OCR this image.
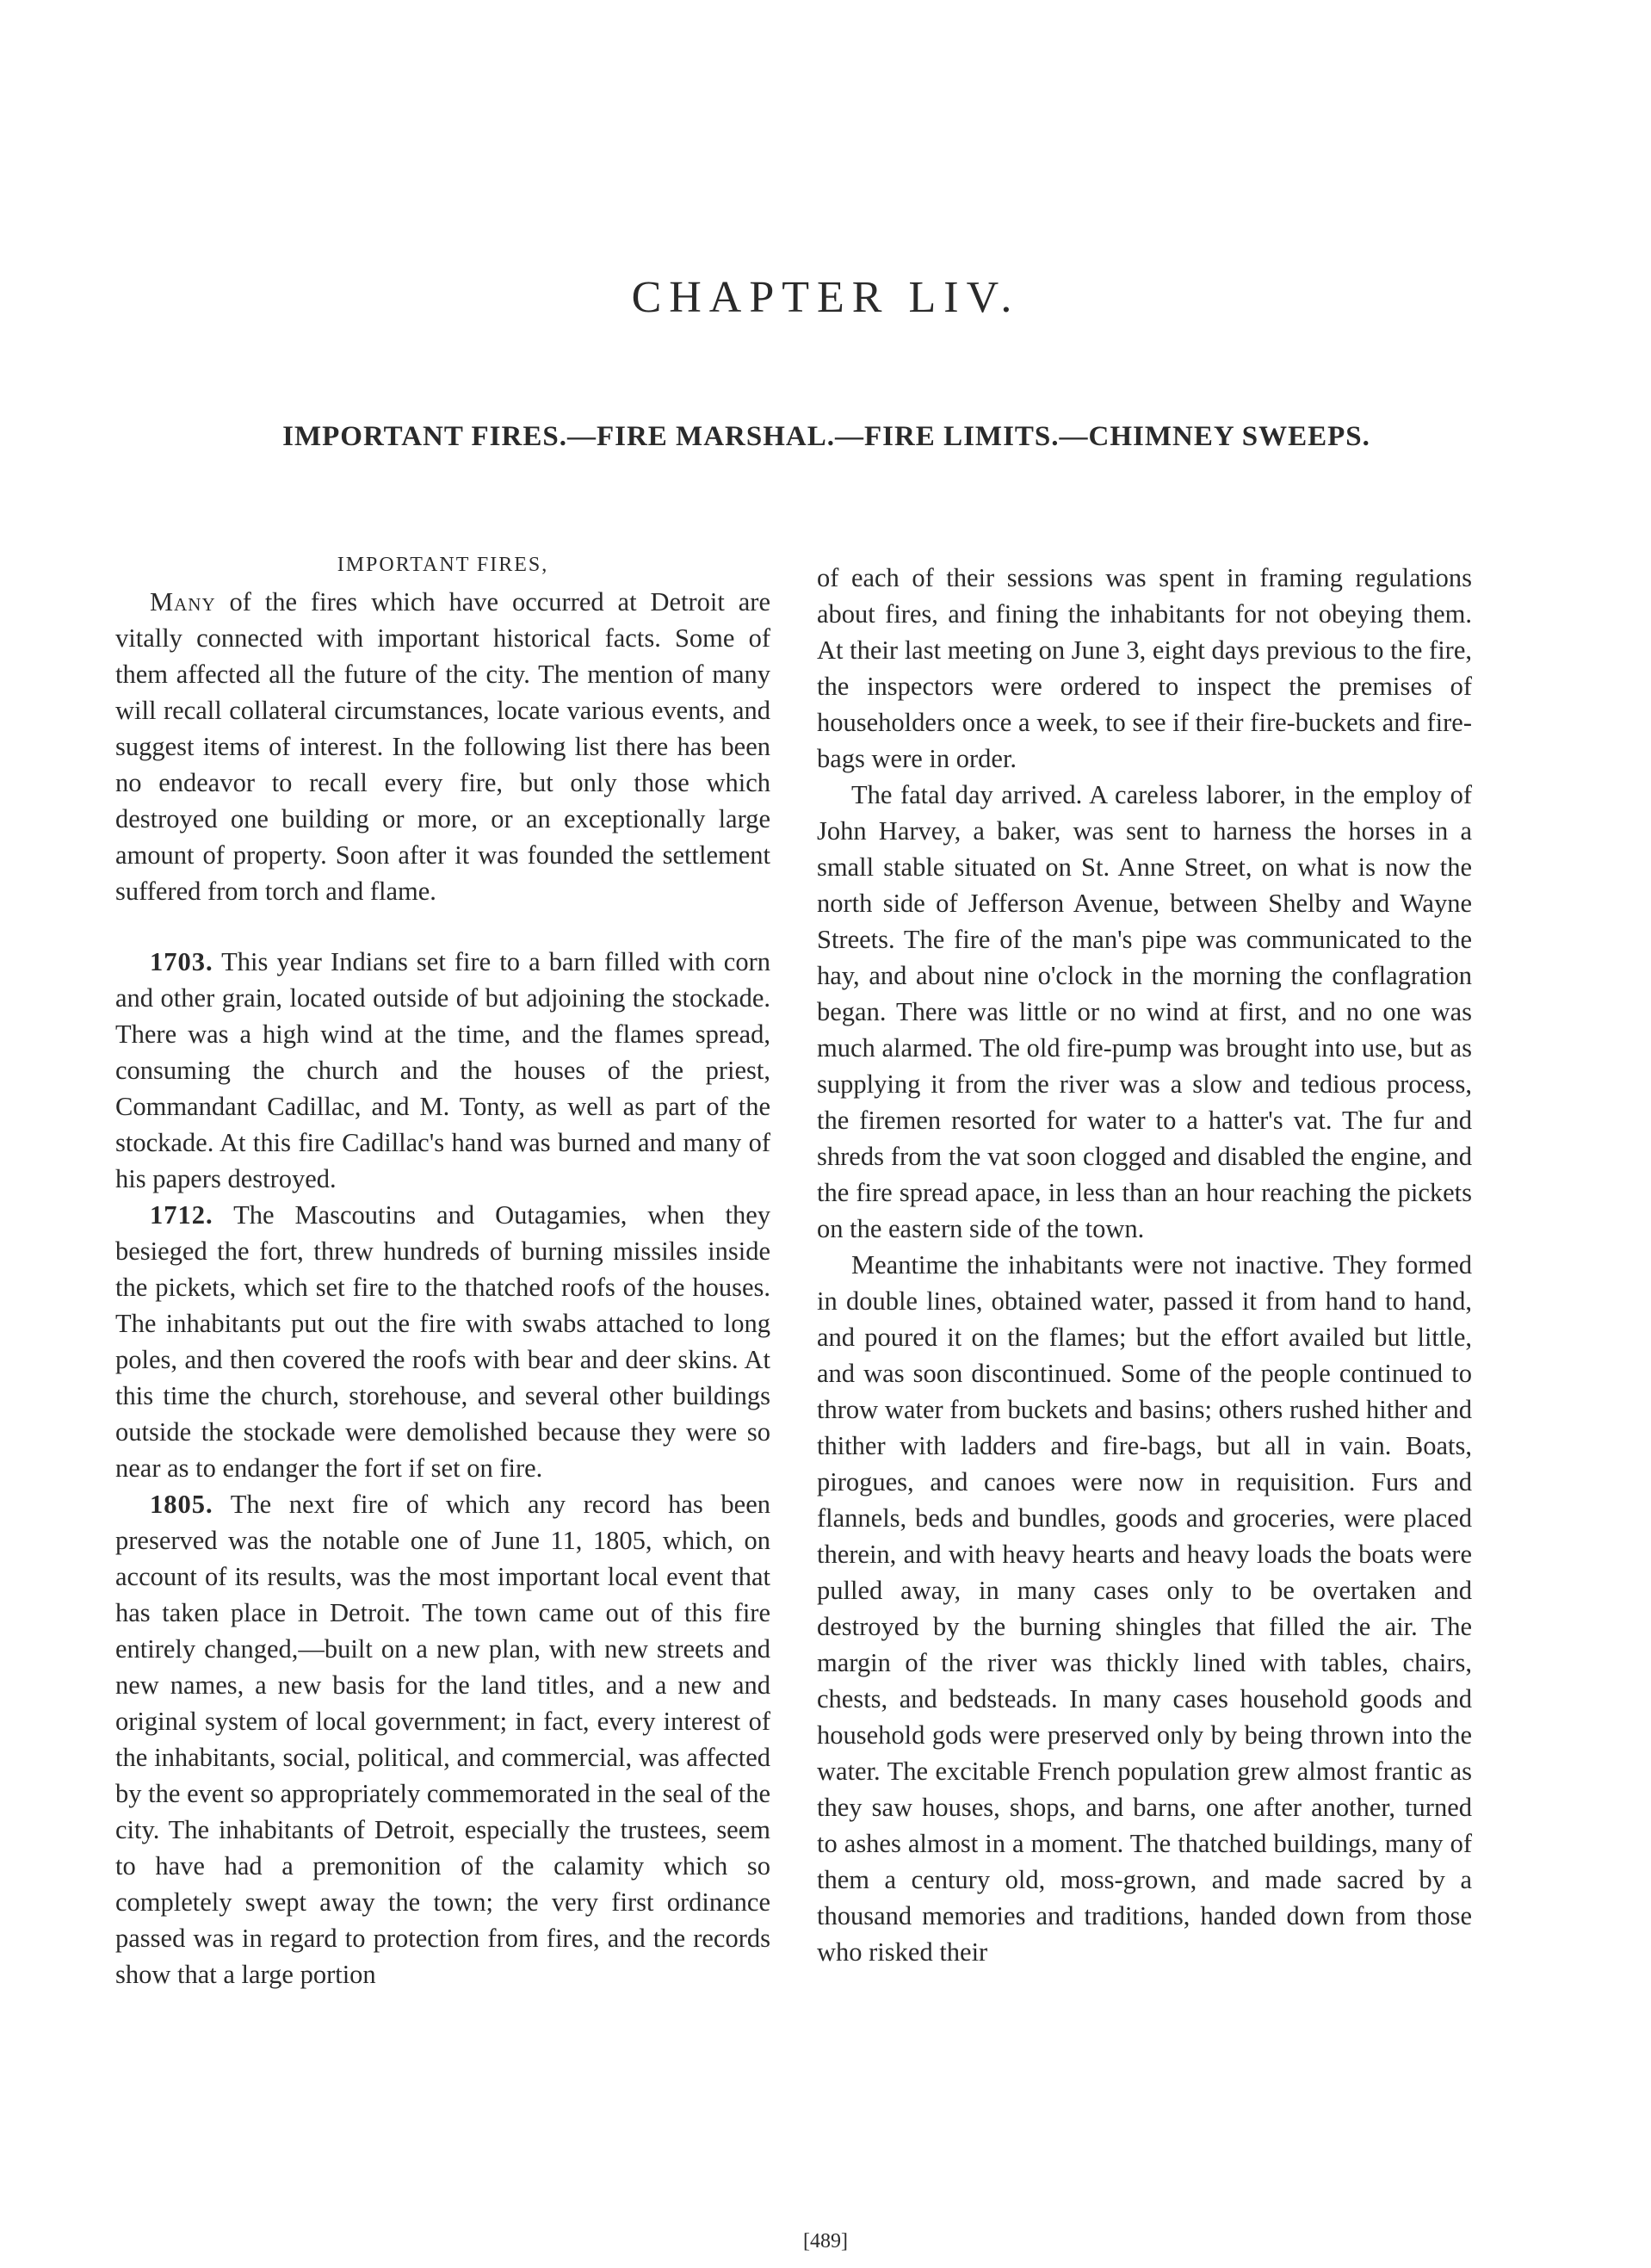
CHAPTER LIV.
IMPORTANT FIRES.—FIRE MARSHAL.—FIRE LIMITS.—CHIMNEY SWEEPS.
IMPORTANT FIRES,

Many of the fires which have occurred at Detroit are vitally connected with important historical facts. Some of them affected all the future of the city. The mention of many will recall collateral circumstances, locate various events, and suggest items of interest. In the following list there has been no endeavor to recall every fire, but only those which destroyed one building or more, or an exceptionally large amount of property. Soon after it was founded the settlement suffered from torch and flame.

1703. This year Indians set fire to a barn filled with corn and other grain, located outside of but adjoining the stockade. There was a high wind at the time, and the flames spread, consuming the church and the houses of the priest, Commandant Cadillac, and M. Tonty, as well as part of the stockade. At this fire Cadillac's hand was burned and many of his papers destroyed.

1712. The Mascoutins and Outagamies, when they besieged the fort, threw hundreds of burning missiles inside the pickets, which set fire to the thatched roofs of the houses. The inhabitants put out the fire with swabs attached to long poles, and then covered the roofs with bear and deer skins. At this time the church, storehouse, and several other buildings outside the stockade were demolished because they were so near as to endanger the fort if set on fire.

1805. The next fire of which any record has been preserved was the notable one of June 11, 1805, which, on account of its results, was the most important local event that has taken place in Detroit. The town came out of this fire entirely changed,—built on a new plan, with new streets and new names, a new basis for the land titles, and a new and original system of local government; in fact, every interest of the inhabitants, social, political, and commercial, was affected by the event so appropriately commemorated in the seal of the city. The inhabitants of Detroit, especially the trustees, seem to have had a premonition of the calamity which so completely swept away the town; the very first ordinance passed was in regard to protection from fires, and the records show that a large portion

of each of their sessions was spent in framing regulations about fires, and fining the inhabitants for not obeying them. At their last meeting on June 3, eight days previous to the fire, the inspectors were ordered to inspect the premises of householders once a week, to see if their fire-buckets and fire-bags were in order.

The fatal day arrived. A careless laborer, in the employ of John Harvey, a baker, was sent to harness the horses in a small stable situated on St. Anne Street, on what is now the north side of Jefferson Avenue, between Shelby and Wayne Streets. The fire of the man's pipe was communicated to the hay, and about nine o'clock in the morning the conflagration began. There was little or no wind at first, and no one was much alarmed. The old fire-pump was brought into use, but as supplying it from the river was a slow and tedious process, the firemen resorted for water to a hatter's vat. The fur and shreds from the vat soon clogged and disabled the engine, and the fire spread apace, in less than an hour reaching the pickets on the eastern side of the town.

Meantime the inhabitants were not inactive. They formed in double lines, obtained water, passed it from hand to hand, and poured it on the flames; but the effort availed but little, and was soon discontinued. Some of the people continued to throw water from buckets and basins; others rushed hither and thither with ladders and fire-bags, but all in vain. Boats, pirogues, and canoes were now in requisition. Furs and flannels, beds and bundles, goods and groceries, were placed therein, and with heavy hearts and heavy loads the boats were pulled away, in many cases only to be overtaken and destroyed by the burning shingles that filled the air. The margin of the river was thickly lined with tables, chairs, chests, and bedsteads. In many cases household goods and household gods were preserved only by being thrown into the water. The excitable French population grew almost frantic as they saw houses, shops, and barns, one after another, turned to ashes almost in a moment. The thatched buildings, many of them a century old, moss-grown, and made sacred by a thousand memories and traditions, handed down from those who risked their

[489]
